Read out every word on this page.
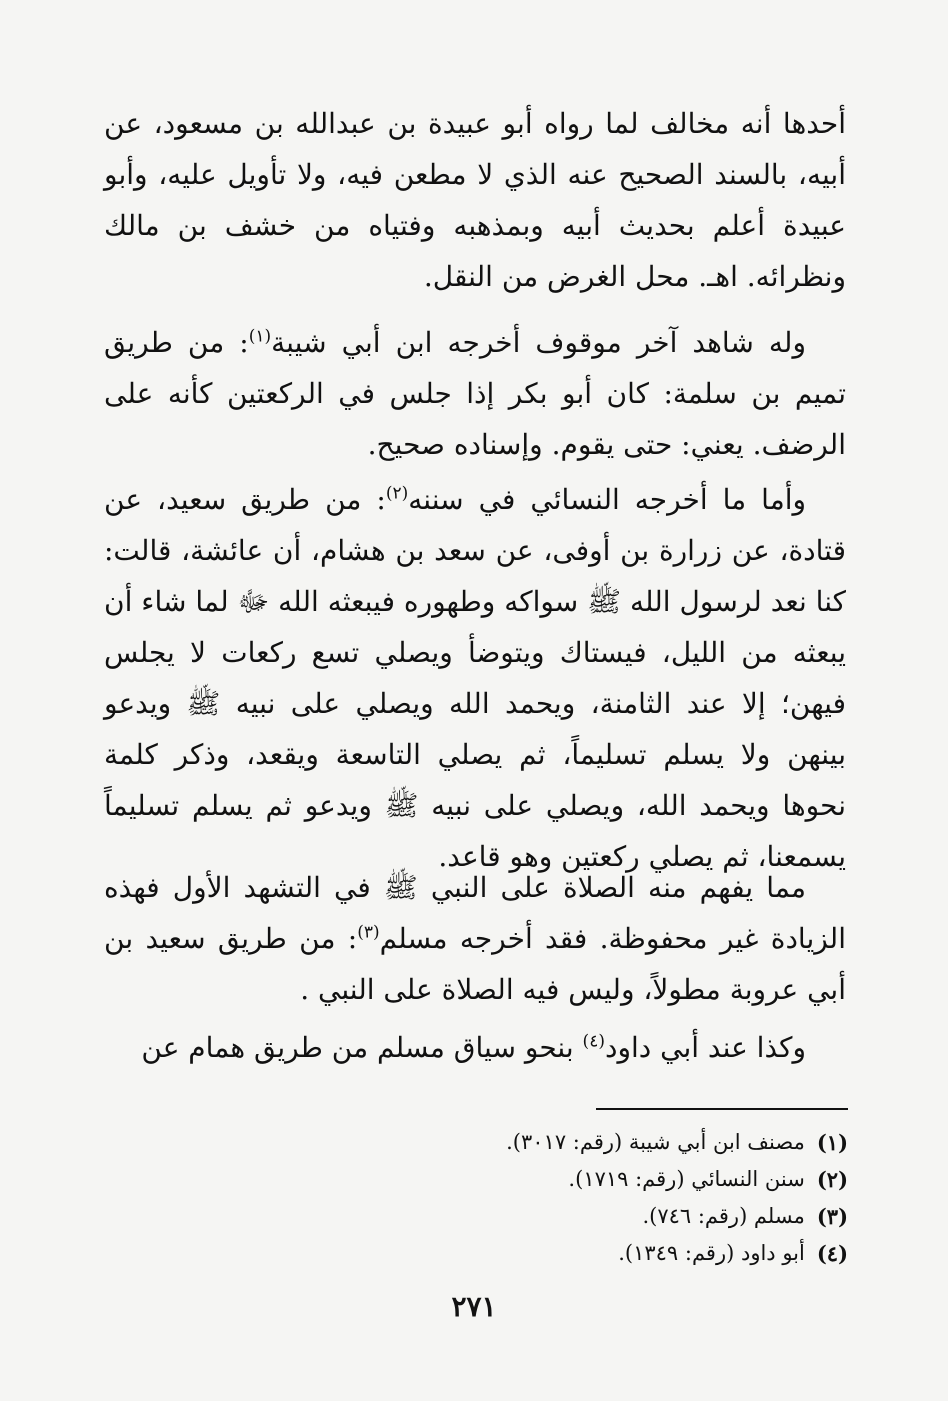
أحدها أنه مخالف لما رواه أبو عبيدة بن عبدالله بن مسعود، عن أبيه، بالسند الصحيح عنه الذي لا مطعن فيه، ولا تأويل عليه، وأبو عبيدة أعلم بحديث أبيه وبمذهبه وفتياه من خشف بن مالك ونظرائه. اهـ. محل الغرض من النقل.

وله شاهد آخر موقوف أخرجه ابن أبي شيبة$^{(١)}$: من طريق تميم بن سلمة: كان أبو بكر إذا جلس في الركعتين كأنه على الرضف. يعني: حتى يقوم. وإسناده صحيح.

وأما ما أخرجه النسائي في سننه$^{(٢)}$: من طريق سعيد، عن قتادة، عن زرارة بن أوفى، عن سعد بن هشام، أن عائشة، قالت: كنا نعد لرسول الله ﷺ سواكه وطهوره فيبعثه الله ﷻ لما شاء أن يبعثه من الليل، فيستاك ويتوضأ ويصلي تسع ركعات لا يجلس فيهن؛ إلا عند الثامنة، ويحمد الله ويصلي على نبيه ﷺ ويدعو بينهن ولا يسلم تسليماً، ثم يصلي التاسعة ويقعد، وذكر كلمة نحوها ويحمد الله، ويصلي على نبيه ﷺ ويدعو ثم يسلم تسليماً يسمعنا، ثم يصلي ركعتين وهو قاعد.

مما يفهم منه الصلاة على النبي ﷺ في التشهد الأول فهذه الزيادة غير محفوظة. فقد أخرجه مسلم$^{(٣)}$: من طريق سعيد بن أبي عروبة مطولاً، وليس فيه الصلاة على النبي .

وكذا عند أبي داود$^{(٤)}$ بنحو سياق مسلم من طريق همام عن

(١)
مصنف ابن أبي شيبة (رقم: ٣٠١٧).
(٢)
سنن النسائي (رقم: ١٧١٩).
(٣)
مسلم (رقم: ٧٤٦).
(٤)
أبو داود (رقم: ١٣٤٩).
٢٧١
